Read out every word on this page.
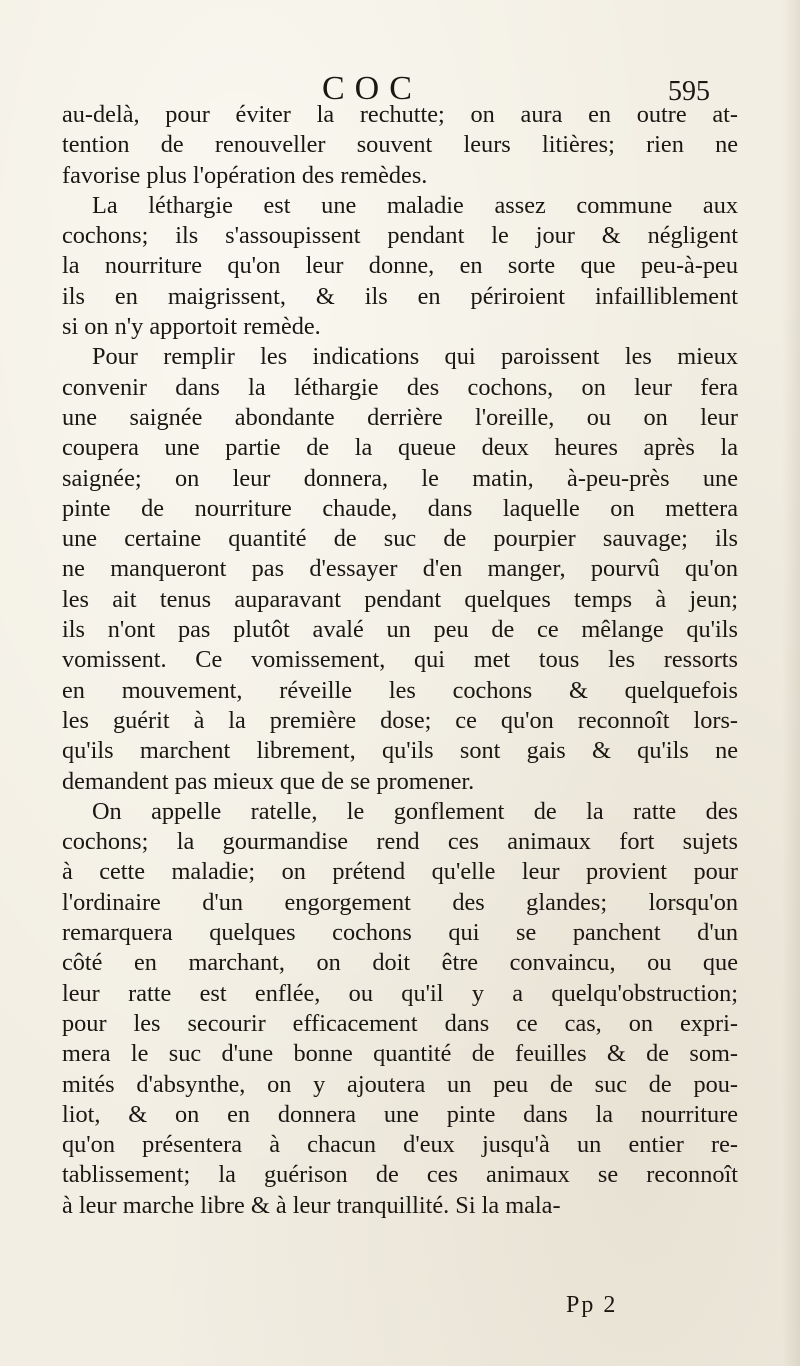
COC	595
au-delà, pour éviter la rechutte; on aura en outre at-
tention de renouveller souvent leurs litières; rien ne
favorise plus l'opération des remèdes.
La léthargie est une maladie assez commune aux
cochons; ils s'assoupissent pendant le jour & négligent
la nourriture qu'on leur donne, en sorte que peu-à-peu
ils en maigrissent, & ils en périroient infailliblement
si on n'y apportoit remède.
Pour remplir les indications qui paroissent les mieux
convenir dans la léthargie des cochons, on leur fera
une saignée abondante derrière l'oreille, ou on leur
coupera une partie de la queue deux heures après la
saignée; on leur donnera, le matin, à-peu-près une
pinte de nourriture chaude, dans laquelle on mettera
une certaine quantité de suc de pourpier sauvage; ils
ne manqueront pas d'essayer d'en manger, pourvû qu'on
les ait tenus auparavant pendant quelques temps à jeun;
ils n'ont pas plutôt avalé un peu de ce mêlange qu'ils
vomissent. Ce vomissement, qui met tous les ressorts
en mouvement, réveille les cochons & quelquefois
les guérit à la première dose; ce qu'on reconnoît lors-
qu'ils marchent librement, qu'ils sont gais & qu'ils ne
demandent pas mieux que de se promener.
On appelle ratelle, le gonflement de la ratte des
cochons; la gourmandise rend ces animaux fort sujets
à cette maladie; on prétend qu'elle leur provient pour
l'ordinaire d'un engorgement des glandes; lorsqu'on
remarquera quelques cochons qui se panchent d'un
côté en marchant, on doit être convaincu, ou que
leur ratte est enflée, ou qu'il y a quelqu'obstruction;
pour les secourir efficacement dans ce cas, on expri-
mera le suc d'une bonne quantité de feuilles & de som-
mités d'absynthe, on y ajoutera un peu de suc de pou-
liot, & on en donnera une pinte dans la nourriture
qu'on présentera à chacun d'eux jusqu'à un entier re-
tablissement; la guérison de ces animaux se reconnoît
à leur marche libre & à leur tranquillité. Si la mala-
Pp 2
